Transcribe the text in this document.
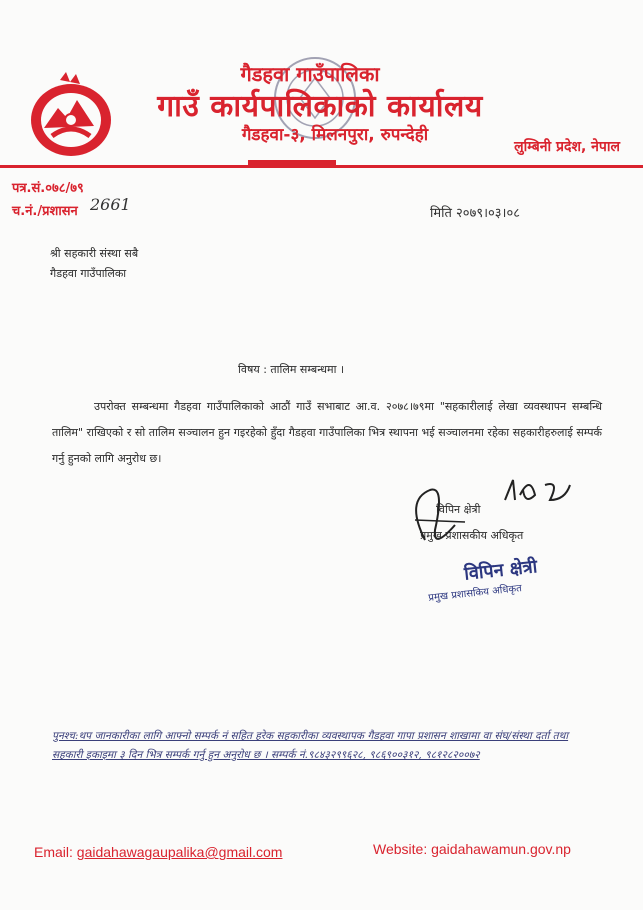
गैडहवा गाउँपालिका
गाउँ कार्यपालिकाको कार्यालय
गैडहवा-३, मिलनपुरा, रुपन्देही
लुम्बिनी प्रदेश, नेपाल
पत्र.सं.०७८/७९
च.नं./प्रशासन 2661	मिति २०७९।०३।०८
श्री सहकारी संस्था सबै
गैडहवा गाउँपालिका
विषय : तालिम सम्बन्धमा ।
उपरोक्त सम्बन्धमा गैडहवा गाउँपालिकाको आठौं गाउँ सभाबाट आ.व. २०७८।७९मा "सहकारीलाई लेखा व्यवस्थापन सम्बन्धि तालिम" राखिएको र सो तालिम सञ्चालन हुन गइरहेको हुँदा गैडहवा गाउँपालिका भित्र स्थापना भई सञ्चालनमा रहेका सहकारीहरुलाई सम्पर्क गर्नु हुनको लागि अनुरोध छ।
विपिन क्षेत्री
प्रमुख प्रशासकीय अधिकृत
विपिन क्षेत्री
प्रमुख प्रशासकिय अधिकृत
पुनश्च:थप जानकारीका लागि आफ्नो सम्पर्क नं सहित हरेक सहकारीका व्यवस्थापक गैडहवा गापा प्रशासन शाखामा वा संघ/संस्था दर्ता तथा सहकारी इकाइमा ३ दिन भित्र सम्पर्क गर्नु हुन अनुरोध छ । सम्पर्क नं.९८४३२९९६२८, ९८६९००३१२, ९८१२८२००७२
Email: gaidahawagaupalika@gmail.com	Website: gaidahawamun.gov.np
